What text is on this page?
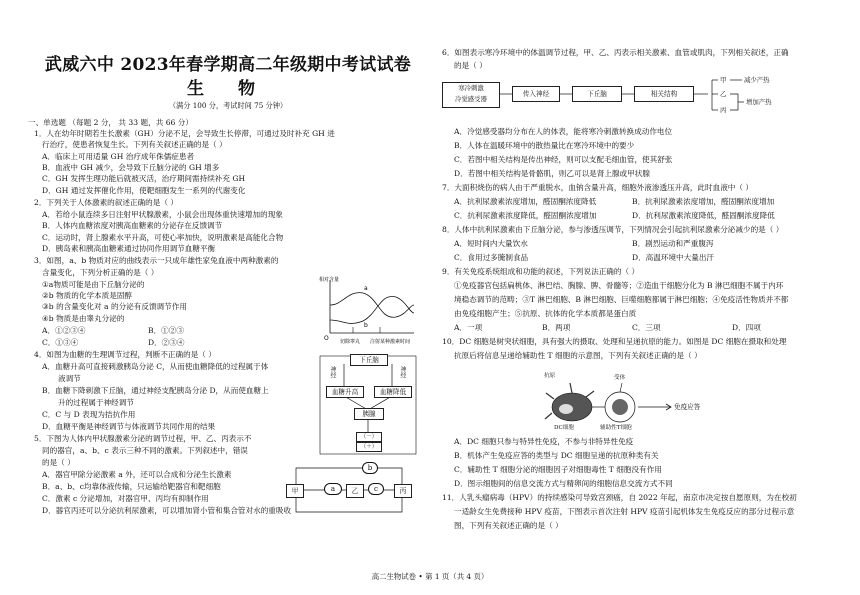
武威六中 2023年春学期高二年级期中考试试卷
生 物
（满分 100 分，考试时间 75 分钟）
一、单选题 （每题 2 分， 共 33 题，共 66 分）
1．人在幼年时期若生长激素（GH）分泌不足，会导致生长停滞，可通过及时补充 GH 进
行治疗，使患者恢复生长。下列有关叙述正确的是（ ）
A．临床上可用适量 GH 治疗成年侏儒症患者
B．血液中 GH 减少，会导致下丘脑分泌的 GH 增多
C．GH 发挥生理功能后就被灭活，治疗期间需持续补充 GH
D．GH 通过发挥催化作用，使靶细胞发生一系列的代谢变化
2．下列关于人体激素的叙述正确的是（ ）
A．若给小鼠连续多日注射甲状腺激素，小鼠会出现体重快速增加的现象
B．人体内血糖浓度对胰高血糖素的分泌存在反馈调节
C．运动时，肾上腺素水平升高，可使心率加快，说明激素是高能化合物
D．胰岛素和胰高血糖素通过协同作用调节血糖平衡
3．如图，a、b 物质对应的曲线表示一只成年雄性家兔血液中两种激素的
含量变化，下列分析正确的是（ ）
①a物质可能是由下丘脑分泌的
②b 物质的化学本质是固醇
③b 的含量变化对 a 的分泌有反馈调节作用
④b 物质是由睾丸分泌的
A．①②③④	B．①②③
C．①③④	D．②③④
4．如图为血糖的生理调节过程，判断不正确的是（ ）
A．血糖升高可直接刺激胰岛分泌 C，从而使血糖降低的过程属于体
液调节
B．血糖下降刺激下丘脑，通过神经支配胰岛分泌 D，从而使血糖上
升的过程属于神经调节
C．C 与 D 表现为拮抗作用
D．血糖平衡是神经调节与体液调节共同作用的结果
5．下图为人体内甲状腺激素分泌的调节过程，甲、乙、丙表示不
同的器官，a、b、c 表示三种不同的激素。下列叙述中，错误
的是（ ）
A．器官甲除分泌激素 a 外，还可以合成和分泌生长激素
B．a、b、c均靠体液传输，只运输给靶器官和靶细胞
C．激素 c 分泌增加，对器官甲、丙均有抑制作用
D．器官丙还可以分泌抗利尿激素，可以增加肾小管和集合管对水的重吸收
相对含量
a
b
O 切除睾丸 注射某种激素 时间
下丘脑
神经	神经
血糖升高	血糖降低
胰腺
（－）
（＋）
甲	a	乙	c	丙
b
6．如图表示寒冷环境中的体温调节过程，甲、乙、丙表示相关激素、血管或肌肉，下列相关叙述，正确
的是（ ）
A．冷觉感受器均分布在人的体表，能将寒冷刺激转换成动作电位
B．人体在温暖环境中的散热量比在寒冷环境中的要少
C．若图中相关结构是传出神经，则可以支配毛细血管，使其舒张
D．若图中相关结构是骨骼肌，则乙可以是肾上腺或甲状腺
7．大面积烧伤的病人由于严重脱水，血钠含量升高，细胞外液渗透压升高，此时血液中（ ）
A．抗利尿激素浓度增加，醛固酮浓度降低	B．抗利尿激素浓度增加，醛固酮浓度增加
C．抗利尿激素浓度降低，醛固酮浓度增加	D．抗利尿激素浓度降低，醛固酮浓度降低
8．人体中抗利尿激素由下丘脑分泌，参与渗透压调节，下列情况会引起抗利尿激素分泌减少的是（ ）
A．短时间内大量饮水	B．剧烈运动和严重腹泻
C．食用过多腌制食品	D．高温环境中大量出汗
9．有关免疫系统组成和功能的叙述，下列说法正确的（ ）
①免疫器官包括扁桃体、淋巴结、胸腺、脾、骨髓等；②造血干细胞分化为 B 淋巴细胞不属于内环
境稳态调节的范畴；③T 淋巴细胞、B 淋巴细胞、巨噬细胞都属于淋巴细胞；④免疫活性物质并不都
由免疫细胞产生；⑤抗原、抗体的化学本质都是蛋白质
A．一项	B．两项	C．三项	D．四项
10．DC 细胞是树突状细胞，具有强大的摄取、处理和呈递抗原的能力。如图是 DC 细胞在摄取和处理
抗原后将信息呈递给辅助性 T 细胞的示意图，下列有关叙述正确的是（ ）
A．DC 细胞只参与特异性免疫，不参与非特异性免疫
B．机体产生免疫应答的类型与 DC 细胞呈递的抗原种类有关
C．辅助性 T 细胞分泌的细胞因子对细胞毒性 T 细胞没有作用
D．图示细胞间的信息交流方式与精卵间的细胞信息交流方式不同
11．人乳头瘤病毒（HPV）的持续感染可导致宫颈癌，自 2022 年起，南京市决定按自愿原则，为在校初
一适龄女生免费接种 HPV 疫苗，下图表示首次注射 HPV 疫苗引起机体发生免疫反应的部分过程示意
图，下列有关叙述正确的是（ ）
寒冷刺激
冷觉感受器
传入神经	下丘脑	相关结构
甲
乙
丙
减少产热
增加产热
抗原	受体
免疫应答
DC细胞	辅助性T细胞
高二生物试卷 • 第 1 页（共 4 页）
